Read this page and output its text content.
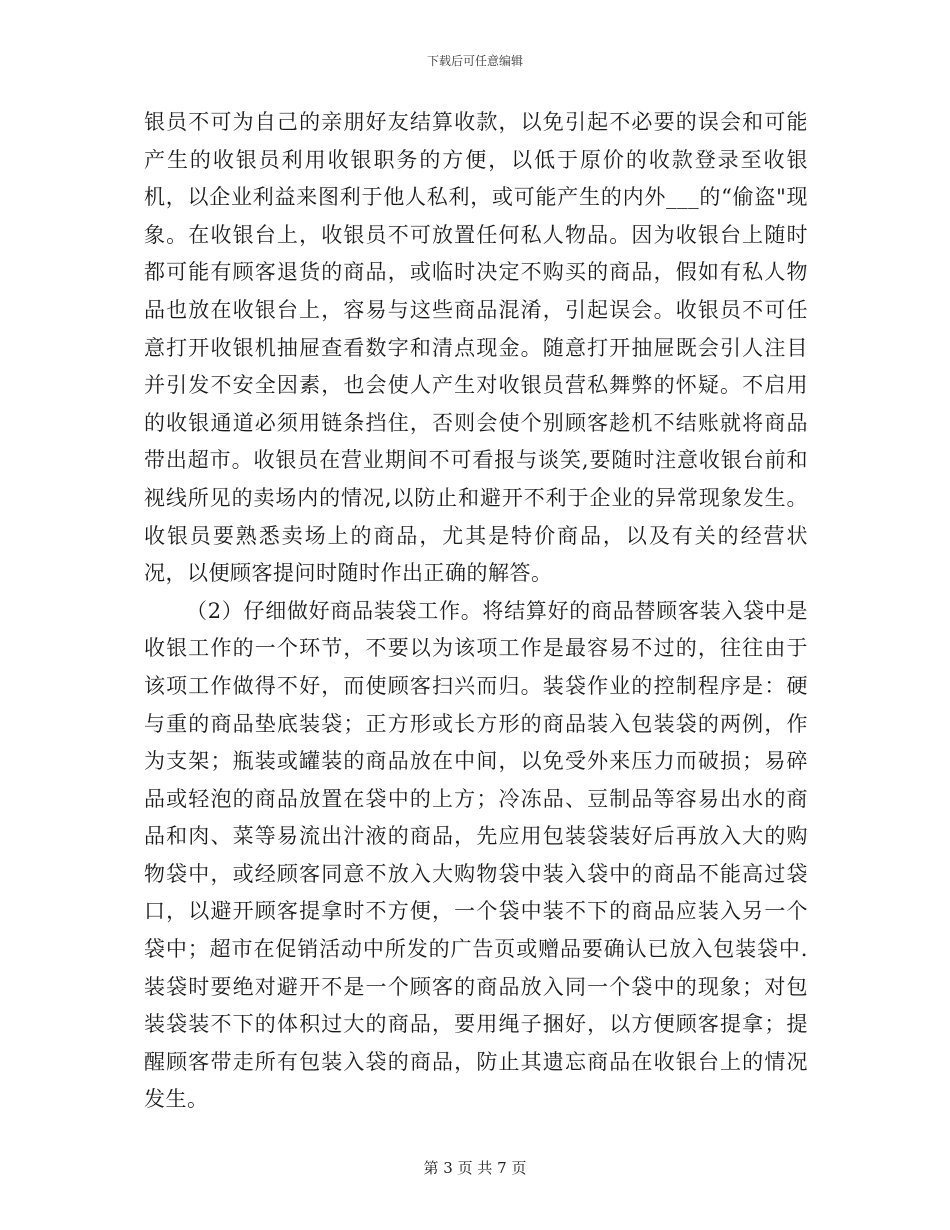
下载后可任意编辑

银员不可为自己的亲朋好友结算收款，以免引起不必要的误会和可能产生的收银员利用收银职务的方便，以低于原价的收款登录至收银机，以企业利益来图利于他人私利，或可能产生的内外___的“偷盗"现象。在收银台上，收银员不可放置任何私人物品。因为收银台上随时都可能有顾客退货的商品，或临时决定不购买的商品，假如有私人物品也放在收银台上，容易与这些商品混淆，引起误会。收银员不可任意打开收银机抽屉查看数字和清点现金。随意打开抽屉既会引人注目并引发不安全因素，也会使人产生对收银员营私舞弊的怀疑。不启用的收银通道必须用链条挡住，否则会使个别顾客趁机不结账就将商品带出超市。收银员在营业期间不可看报与谈笑,要随时注意收银台前和视线所见的卖场内的情况,以防止和避开不利于企业的异常现象发生。收银员要熟悉卖场上的商品，尤其是特价商品，以及有关的经营状况，以便顾客提问时随时作出正确的解答。

（2）仔细做好商品装袋工作。将结算好的商品替顾客装入袋中是收银工作的一个环节，不要以为该项工作是最容易不过的，往往由于该项工作做得不好，而使顾客扫兴而归。装袋作业的控制程序是：硬与重的商品垫底装袋；正方形或长方形的商品装入包装袋的两例，作为支架；瓶装或罐装的商品放在中间，以免受外来压力而破损；易碎品或轻泡的商品放置在袋中的上方；冷冻品、豆制品等容易出水的商品和肉、菜等易流出汁液的商品，先应用包装袋装好后再放入大的购物袋中，或经顾客同意不放入大购物袋中装入袋中的商品不能高过袋口，以避开顾客提拿时不方便，一个袋中装不下的商品应装入另一个袋中；超市在促销活动中所发的广告页或赠品要确认已放入包装袋中.装袋时要绝对避开不是一个顾客的商品放入同一个袋中的现象；对包装袋装不下的体积过大的商品，要用绳子捆好，以方便顾客提拿；提醒顾客带走所有包装入袋的商品，防止其遗忘商品在收银台上的情况发生。

第 3 页 共 7 页
